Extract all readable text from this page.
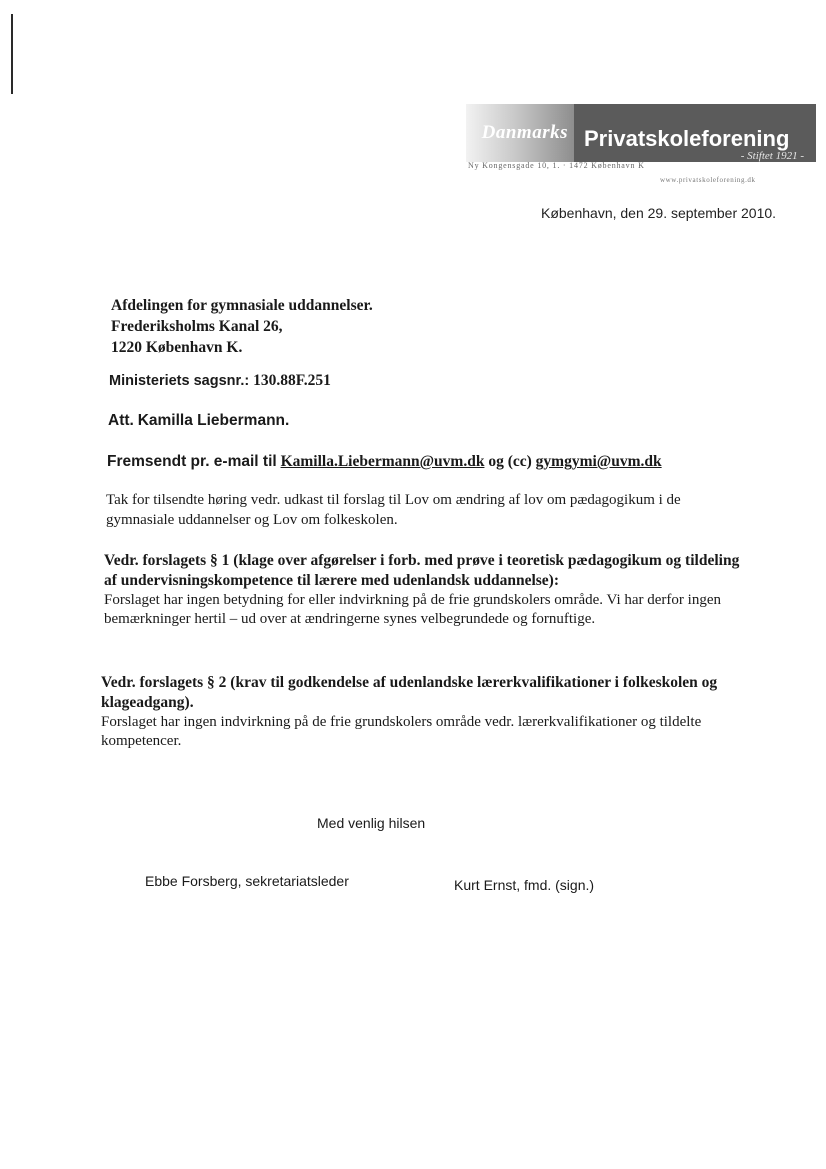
Danmarks Privatskoleforening
- Stiftet 1921 -
Ny Kongensgade 10, 1. · 1472 København K
www.privatskoleforening.dk
København, den 29. september 2010.
Afdelingen for gymnasiale uddannelser.
Frederiksholms Kanal 26,
1220 København K.
Ministeriets sagsnr.: 130.88F.251
Att. Kamilla Liebermann.
Fremsendt pr. e-mail til Kamilla.Liebermann@uvm.dk og (cc) gymgymi@uvm.dk
Tak for tilsendte høring vedr. udkast til forslag til Lov om ændring af lov om pædagogikum i de gymnasiale uddannelser og Lov om folkeskolen.
Vedr. forslagets § 1 (klage over afgørelser i forb. med prøve i teoretisk pædagogikum og tildeling af undervisningskompetence til lærere med udenlandsk uddannelse):
Forslaget har ingen betydning for eller indvirkning på de frie grundskolers område. Vi har derfor ingen bemærkninger hertil – ud over at ændringerne synes velbegrundede og fornuftige.
Vedr. forslagets § 2 (krav til godkendelse af udenlandske lærerkvalifikationer i folkeskolen og klageadgang).
Forslaget har ingen indvirkning på de frie grundskolers område vedr. lærerkvalifikationer og tildelte kompetencer.
Med venlig hilsen
Ebbe Forsberg, sekretariatsleder	Kurt Ernst, fmd. (sign.)
